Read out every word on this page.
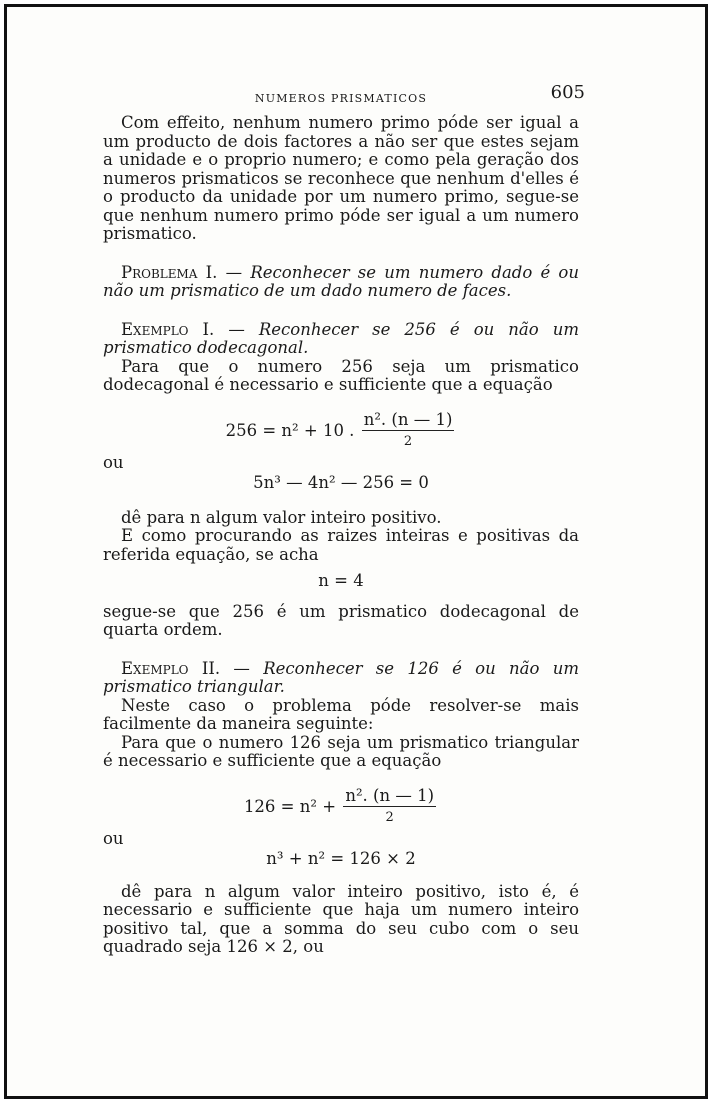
NUMEROS PRISMATICOS	605

Com effeito, nenhum numero primo póde ser igual a um producto de dois factores a não ser que estes sejam a unidade e o proprio numero; e como pela geração dos numeros prismaticos se reconhece que nenhum d'elles é o producto da unidade por um numero primo, segue-se que nenhum numero primo póde ser igual a um numero prismatico.

Problema I. — Reconhecer se um numero dado é ou não um prismatico de um dado numero de faces.

Exemplo I. — Reconhecer se 256 é ou não um prismatico dodecagonal.

Para que o numero 256 seja um prismatico dodecagonal é necessario e sufficiente que a equação

256 = n² + 10 . $\frac{\text{n². (n — 1)}}{2}$

ou

5n³ — 4n² — 256 = 0

dê para n algum valor inteiro positivo.

E como procurando as raizes inteiras e positivas da referida equação, se acha

n = 4

segue-se que 256 é um prismatico dodecagonal de quarta ordem.

Exemplo II. — Reconhecer se 126 é ou não um prismatico triangular.

Neste caso o problema póde resolver-se mais facilmente da maneira seguinte:

Para que o numero 126 seja um prismatico triangular é necessario e sufficiente que a equação

$126 = n^2 + \frac{\text{n². (n — 1)}}{2}$

ou

n³ + n² = 126 × 2

dê para n algum valor inteiro positivo, isto é, é necessario e sufficiente que haja um numero inteiro positivo tal, que a somma do seu cubo com o seu quadrado seja 126 × 2, ou
